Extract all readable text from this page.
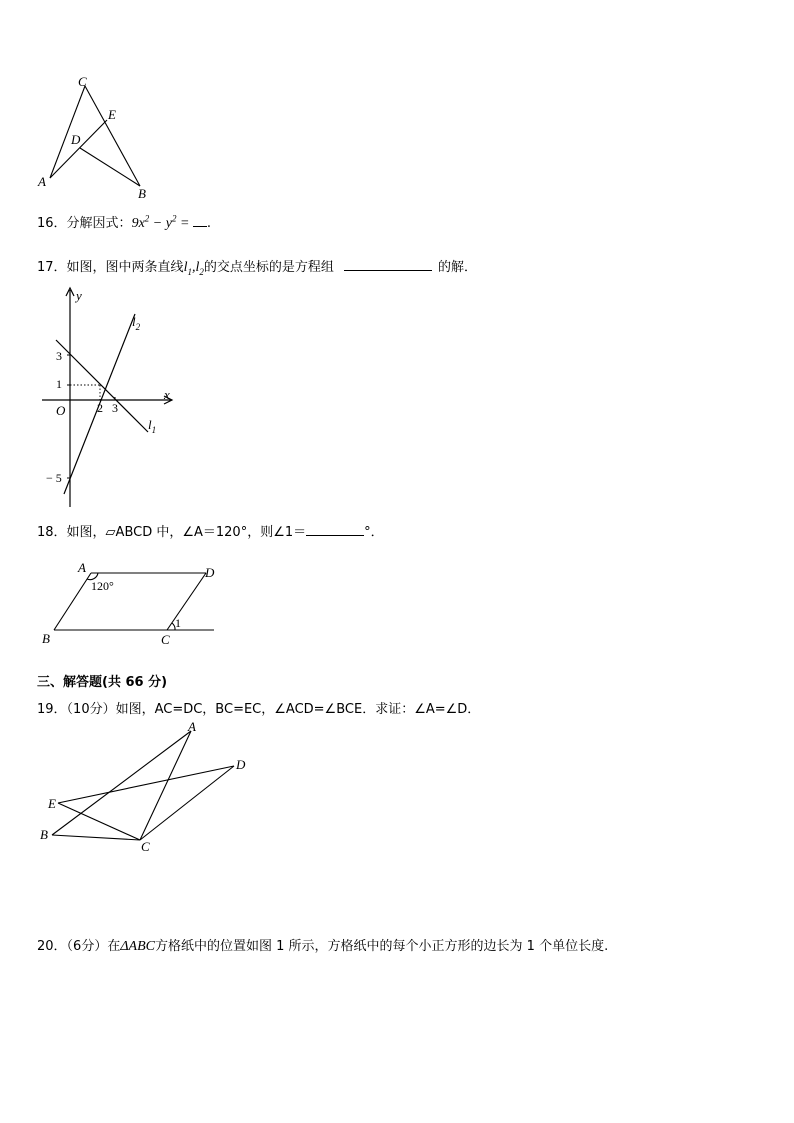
C
E
D
A
B
16．分解因式：$9x^2 - y^2$ = .
17．如图，图中两条直线$l_1,l_2$的交点坐标的是方程组	的解．
y
x
O
3
1
− 5
2 3
$l_2$
$l_1$
18．如图，▱ABCD 中，∠A＝120°，则∠1＝	°．
A	D
B	C
120°
1
三、解答题(共 66 分)
19．（10分）如图，AC=DC，BC=EC，∠ACD=∠BCE．求证：∠A=∠D．
A
D
E
B
C
20．（6分）在ΔABC方格纸中的位置如图 1 所示，方格纸中的每个小正方形的边长为 1 个单位长度.
